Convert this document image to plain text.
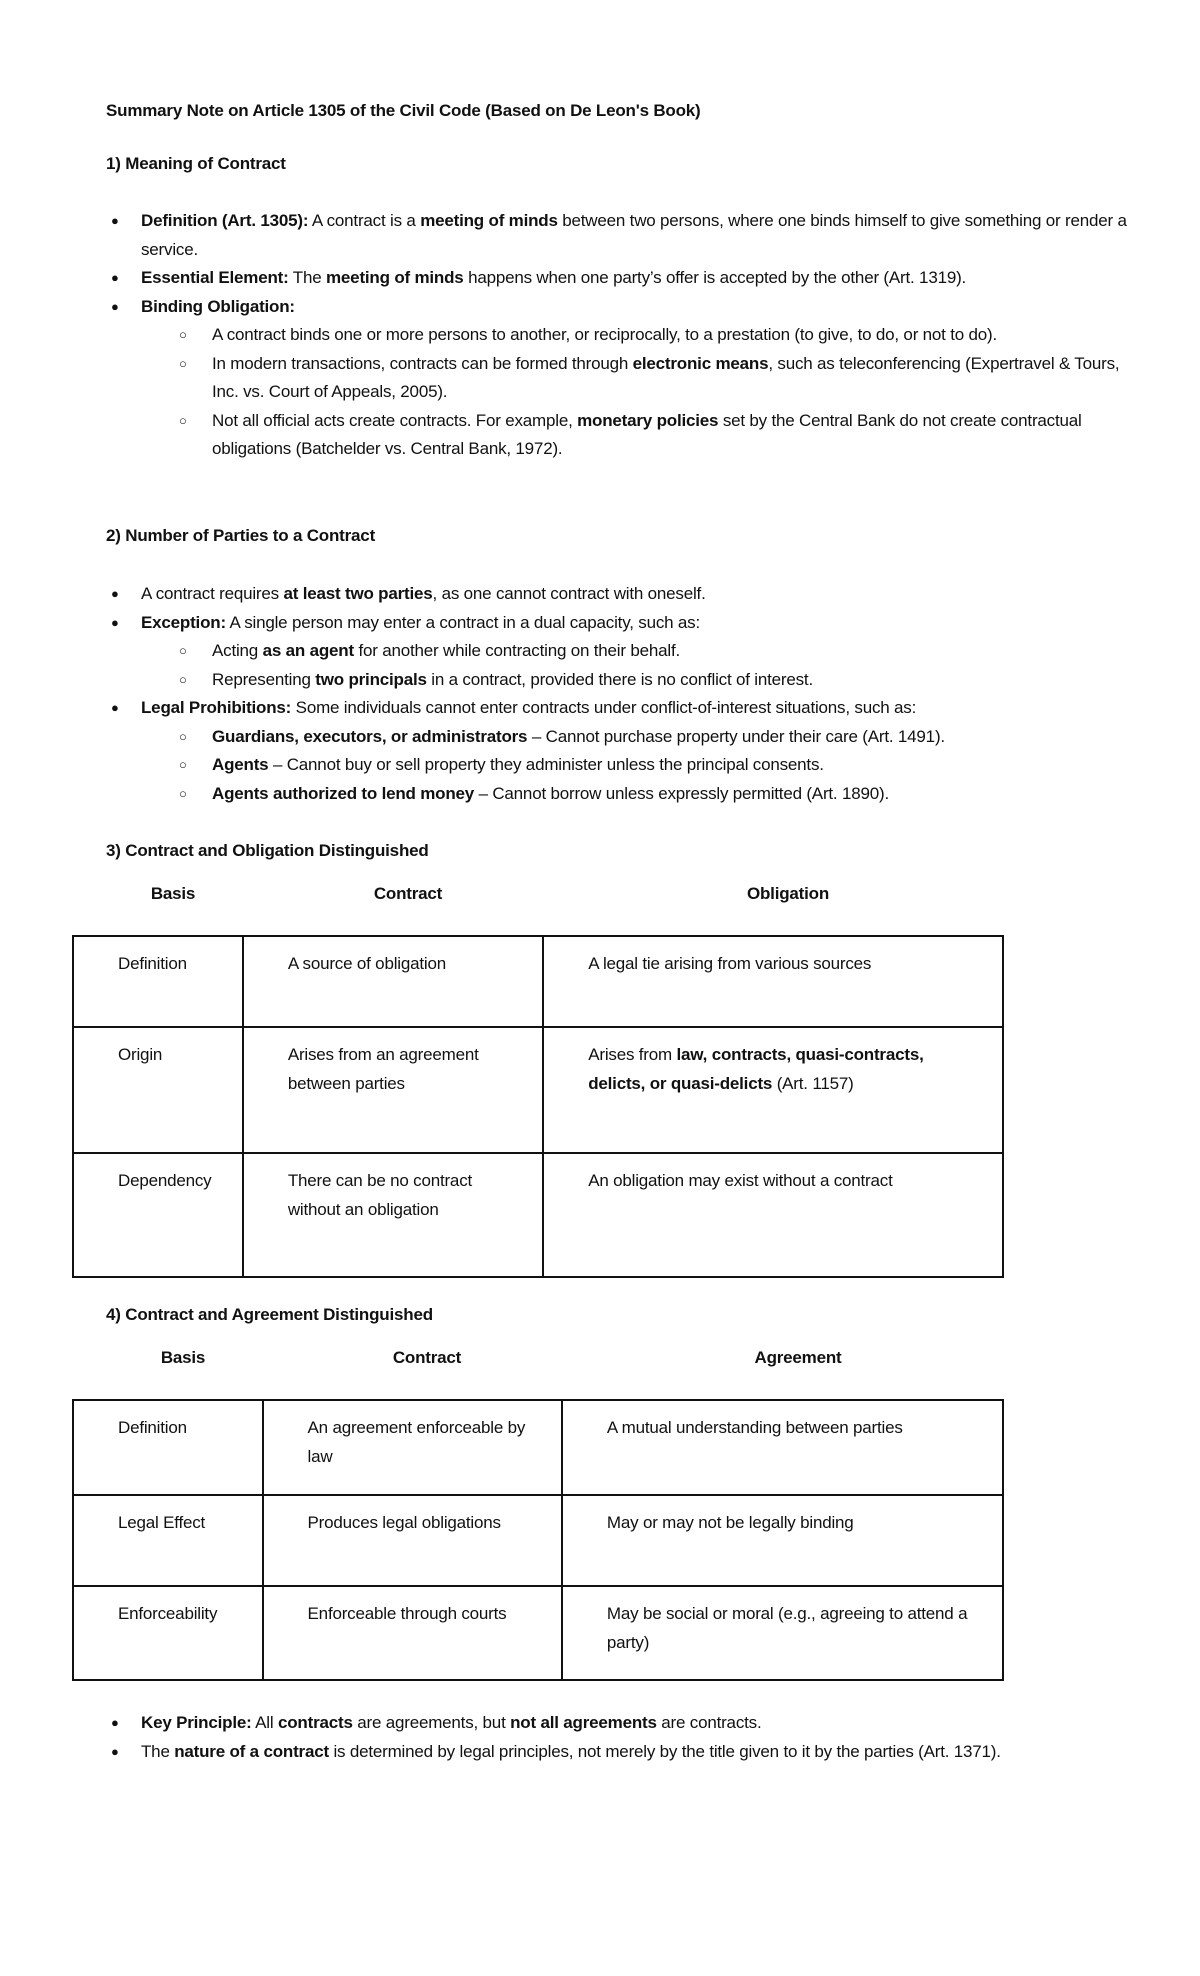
Summary Note on Article 1305 of the Civil Code (Based on De Leon's Book)
1) Meaning of Contract
● Definition (Art. 1305): A contract is a meeting of minds between two persons, where one binds himself to give something or render a service.
● Essential Element: The meeting of minds happens when one party’s offer is accepted by the other (Art. 1319).
● Binding Obligation:
○ A contract binds one or more persons to another, or reciprocally, to a prestation (to give, to do, or not to do).
○ In modern transactions, contracts can be formed through electronic means, such as teleconferencing (Expertravel & Tours, Inc. vs. Court of Appeals, 2005).
○ Not all official acts create contracts. For example, monetary policies set by the Central Bank do not create contractual obligations (Batchelder vs. Central Bank, 1972).
2) Number of Parties to a Contract
● A contract requires at least two parties, as one cannot contract with oneself.
● Exception: A single person may enter a contract in a dual capacity, such as:
○ Acting as an agent for another while contracting on their behalf.
○ Representing two principals in a contract, provided there is no conflict of interest.
● Legal Prohibitions: Some individuals cannot enter contracts under conflict-of-interest situations, such as:
○ Guardians, executors, or administrators – Cannot purchase property under their care (Art. 1491).
○ Agents – Cannot buy or sell property they administer unless the principal consents.
○ Agents authorized to lend money – Cannot borrow unless expressly permitted (Art. 1890).
3) Contract and Obligation Distinguished
Basis	Contract	Obligation
Definition	A source of obligation	A legal tie arising from various sources
Origin	Arises from an agreement between parties	Arises from law, contracts, quasi-contracts, delicts, or quasi-delicts (Art. 1157)
Dependency	There can be no contract without an obligation	An obligation may exist without a contract
4) Contract and Agreement Distinguished
Basis	Contract	Agreement
Definition	An agreement enforceable by law	A mutual understanding between parties
Legal Effect	Produces legal obligations	May or may not be legally binding
Enforceability	Enforceable through courts	May be social or moral (e.g., agreeing to attend a party)
● Key Principle: All contracts are agreements, but not all agreements are contracts.
● The nature of a contract is determined by legal principles, not merely by the title given to it by the parties (Art. 1371).
